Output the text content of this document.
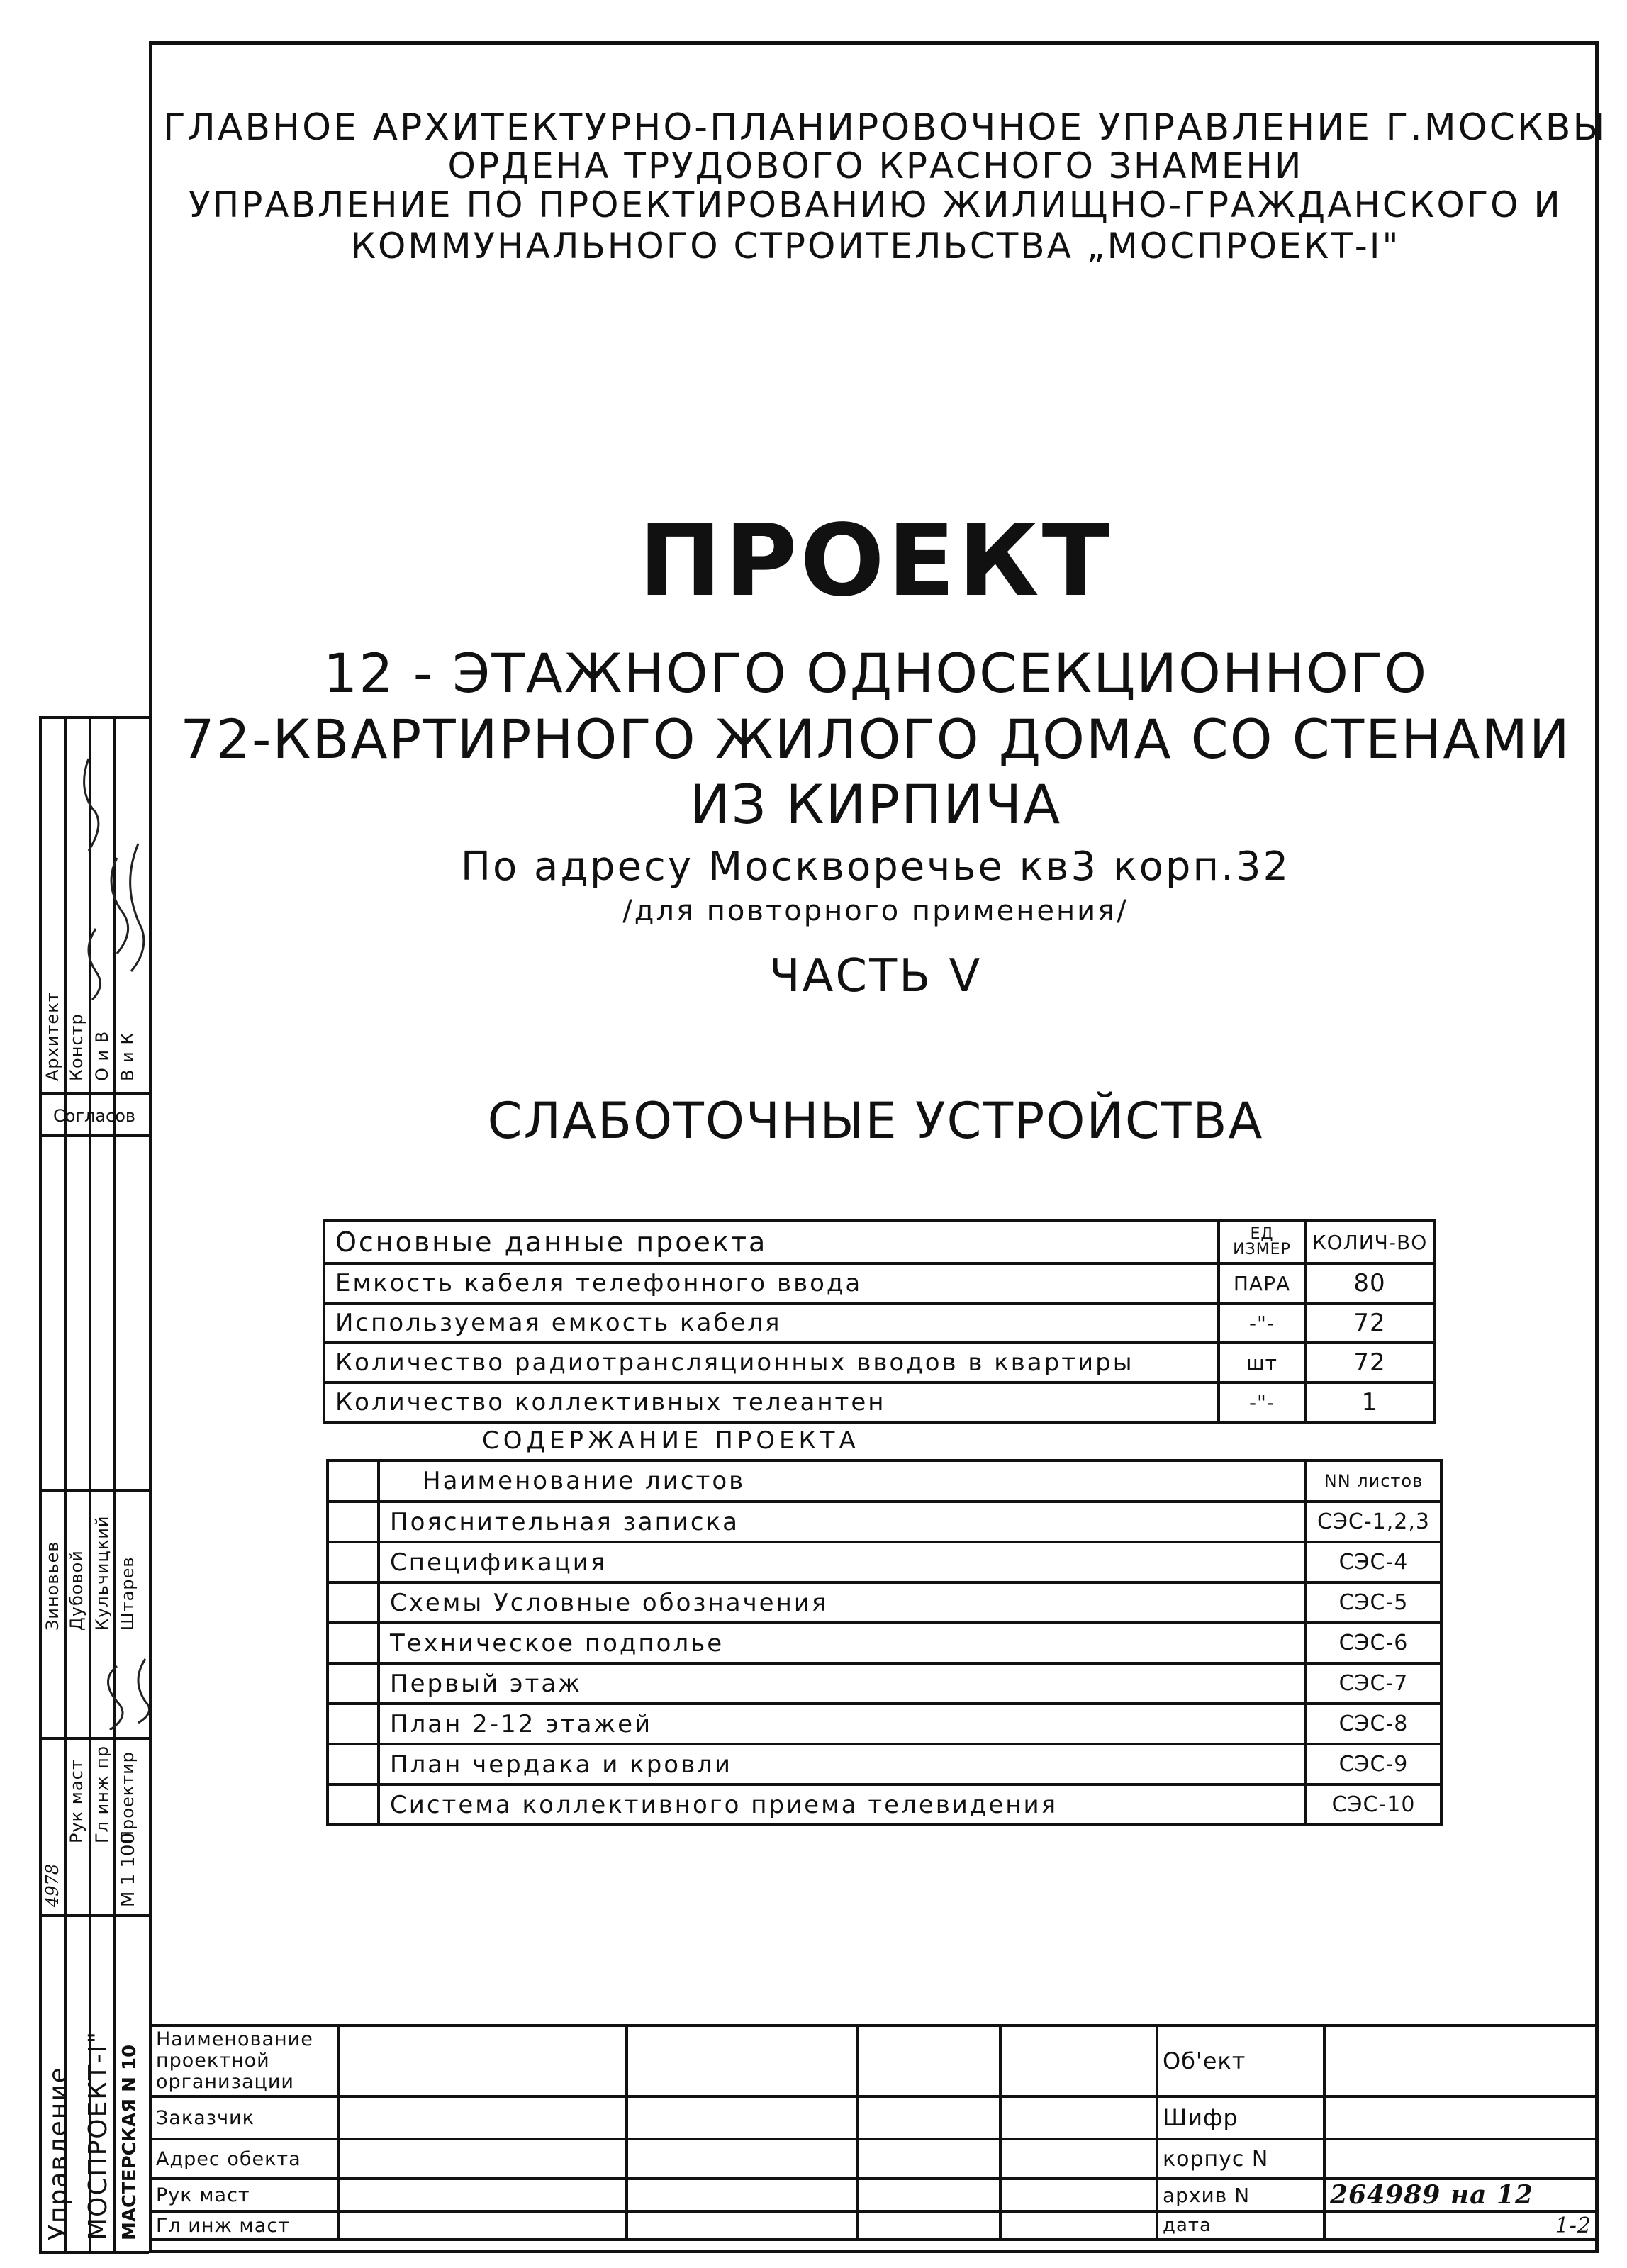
ГЛАВНОЕ АРХИТЕКТУРНО-ПЛАНИРОВОЧНОЕ УПРАВЛЕНИЕ Г.МОСКВЫ
ОРДЕНА ТРУДОВОГО КРАСНОГО ЗНАМЕНИ
УПРАВЛЕНИЕ ПО ПРОЕКТИРОВАНИЮ ЖИЛИЩНО-ГРАЖДАНСКОГО И
КОММУНАЛЬНОГО СТРОИТЕЛЬСТВА „МОСПРОЕКТ-I"
ПРОЕКТ
12 - ЭТАЖНОГО ОДНОСЕКЦИОННОГО
72-КВАРТИРНОГО ЖИЛОГО ДОМА СО СТЕНАМИ
ИЗ КИРПИЧА
По адресу Москворечье кв3 корп.32
/для повторного применения/
ЧАСТЬ V
СЛАБОТОЧНЫЕ УСТРОЙСТВА
Основные данные проекта	ЕД ИЗМЕР	КОЛИЧ-ВО
Емкость кабеля телефонного ввода	ПАРА	80
Используемая емкость кабеля	-"-	72
Количество радиотрансляционных вводов в квартиры	шт	72
Количество коллективных телеантен	-"-	1
СОДЕРЖАНИЕ ПРОЕКТА
	Наименование листов	NN листов
	Пояснительная записка	СЭС-1,2,3
	Спецификация	СЭС-4
	Схемы Условные обозначения	СЭС-5
	Техническое подполье	СЭС-6
	Первый этаж	СЭС-7
	План 2-12 этажей	СЭС-8
	План чердака и кровли	СЭС-9
	Система коллективного приема телевидения	СЭС-10
Наименование проектной организации					Об'ект	
Заказчик					Шифр	
Адрес обекта					корпус N	
Рук маст					архив N	264989 на 12
Гл инж маст					дата	1-2
Управление МОСПРОЕКТ-I" МАСТЕРСКАЯ N 10
М 1 100
4978
Рук маст Гл инж пр Проектир
Зиновьев Дубовой Кульчицкий Штарев
Согласов
Архитект Констр О и В В и К
